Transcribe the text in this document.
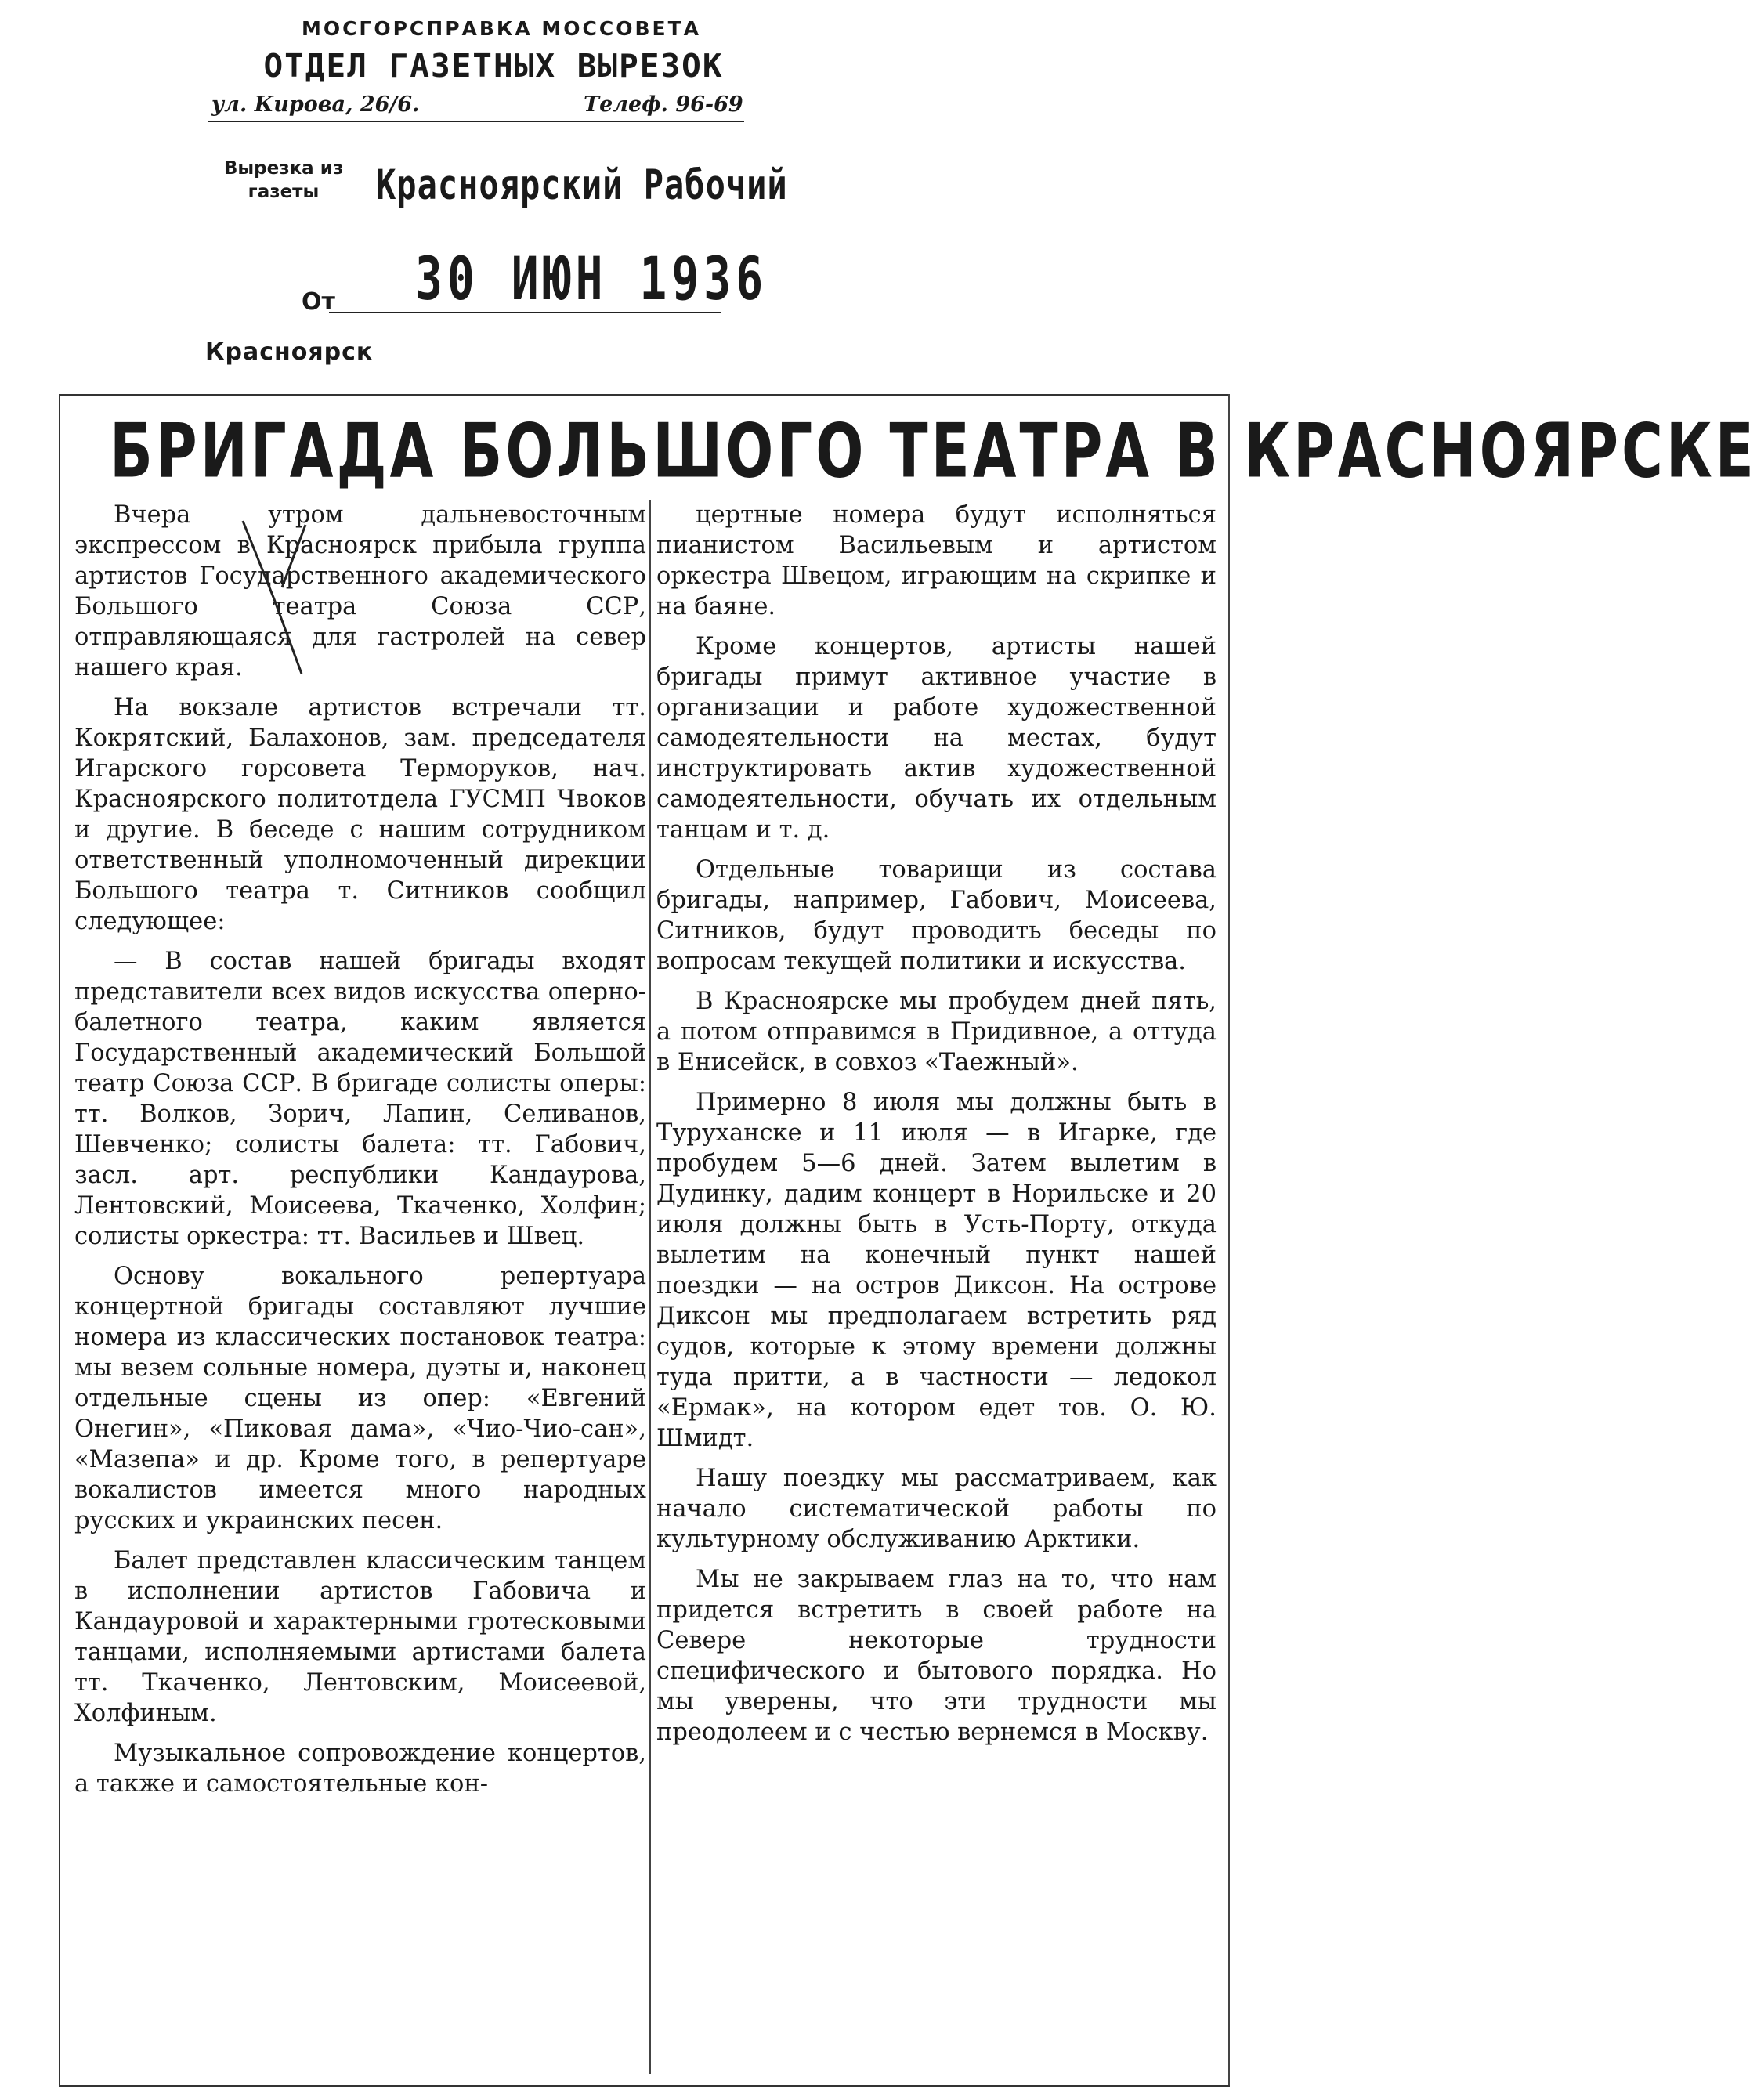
МОСГОРСПРАВКА МОССОВЕТА
ОТДЕЛ ГАЗЕТНЫХ ВЫРЕЗОК
ул. Кирова, 26/6.	Телеф. 96-69
Вырезка из газеты	Красноярский Рабочий
От 30 ИЮН 1936
Красноярск
БРИГАДА БОЛЬШОГО ТЕАТРА В КРАСНОЯРСКЕ

Вчера утром дальневосточным экспрессом в Красноярск прибыла группа артистов Государственного академического Большого театра Союза ССР, отправляющаяся для гастролей на север нашего края.

На вокзале артистов встречали тт. Кокрятский, Балахонов, зам. председателя Игарского горсовета Терморуков, нач. Красноярского политотдела ГУСМП Чвоков и другие. В беседе с нашим сотрудником ответственный уполномоченный дирекции Большого театра т. Ситников сообщил следующее:

— В состав нашей бригады входят представители всех видов искусства оперно-балетного театра, каким является Государственный академический Большой театр Союза ССР. В бригаде солисты оперы: тт. Волков, Зорич, Лапин, Селиванов, Шевченко; солисты балета: тт. Габович, засл. арт. республики Кандаурова, Лентовский, Моисеева, Ткаченко, Холфин; солисты оркестра: тт. Васильев и Швец.

Основу вокального репертуара концертной бригады составляют лучшие номера из классических постановок театра: мы везем сольные номера, дуэты и, наконец отдельные сцены из опер: «Евгений Онегин», «Пиковая дама», «Чио-Чио-сан», «Мазепа» и др. Кроме того, в репертуаре вокалистов имеется много народных русских и украинских песен.

Балет представлен классическим танцем в исполнении артистов Габовича и Кандауровой и характерными гротесковыми танцами, исполняемыми артистами балета тт. Ткаченко, Лентовским, Моисеевой, Холфиным.

Музыкальное сопровождение концертов, а также и самостоятельные кон-

цертные номера будут исполняться пианистом Васильевым и артистом оркестра Швецом, играющим на скрипке и на баяне.

Кроме концертов, артисты нашей бригады примут активное участие в организации и работе художественной самодеятельности на местах, будут инструктировать актив художественной самодеятельности, обучать их отдельным танцам и т. д.

Отдельные товарищи из состава бригады, например, Габович, Моисеева, Ситников, будут проводить беседы по вопросам текущей политики и искусства.

В Красноярске мы пробудем дней пять, а потом отправимся в Придивное, а оттуда в Енисейск, в совхоз «Таежный».

Примерно 8 июля мы должны быть в Туруханске и 11 июля — в Игарке, где пробудем 5—6 дней. Затем вылетим в Дудинку, дадим концерт в Норильске и 20 июля должны быть в Усть-Порту, откуда вылетим на конечный пункт нашей поездки — на остров Диксон. На острове Диксон мы предполагаем встретить ряд судов, которые к этому времени должны туда притти, а в частности — ледокол «Ермак», на котором едет тов. О. Ю. Шмидт.

Нашу поездку мы рассматриваем, как начало систематической работы по культурному обслуживанию Арктики.

Мы не закрываем глаз на то, что нам придется встретить в своей работе на Севере некоторые трудности специфического и бытового порядка. Но мы уверены, что эти трудности мы преодолеем и с честью вернемся в Москву.
